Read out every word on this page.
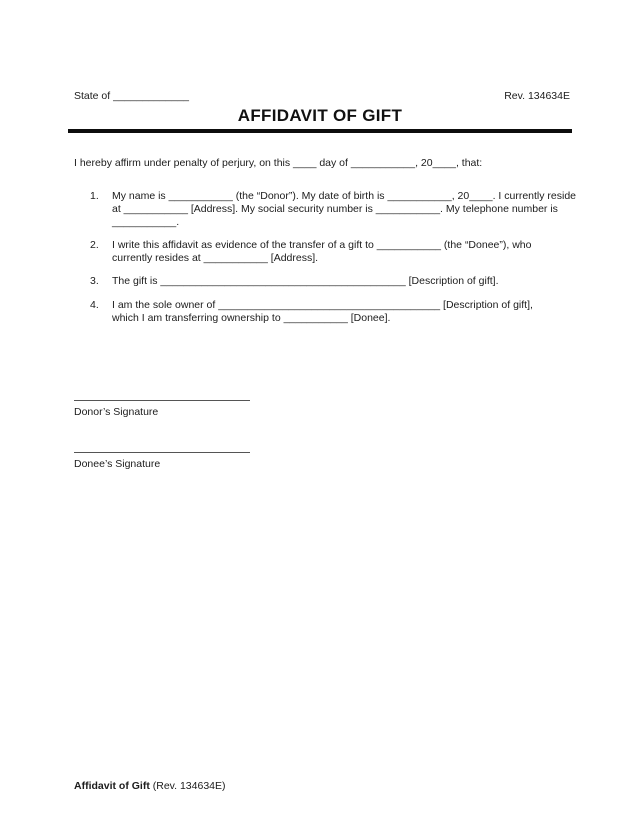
State of _____________	Rev. 134634E
AFFIDAVIT OF GIFT
I hereby affirm under penalty of perjury, on this ____ day of ___________, 20____, that:
1.	My name is ___________ (the “Donor”). My date of birth is ___________, 20____. I currently reside
at ___________ [Address]. My social security number is ___________. My telephone number is
___________.
2.	I write this affidavit as evidence of the transfer of a gift to ___________ (the “Donee”), who
currently resides at ___________ [Address].
3.	The gift is __________________________________________ [Description of gift].
4.	I am the sole owner of ______________________________________ [Description of gift],
which I am transferring ownership to ___________ [Donee].
Donor’s Signature
Donee’s Signature
Affidavit of Gift (Rev. 134634E)
